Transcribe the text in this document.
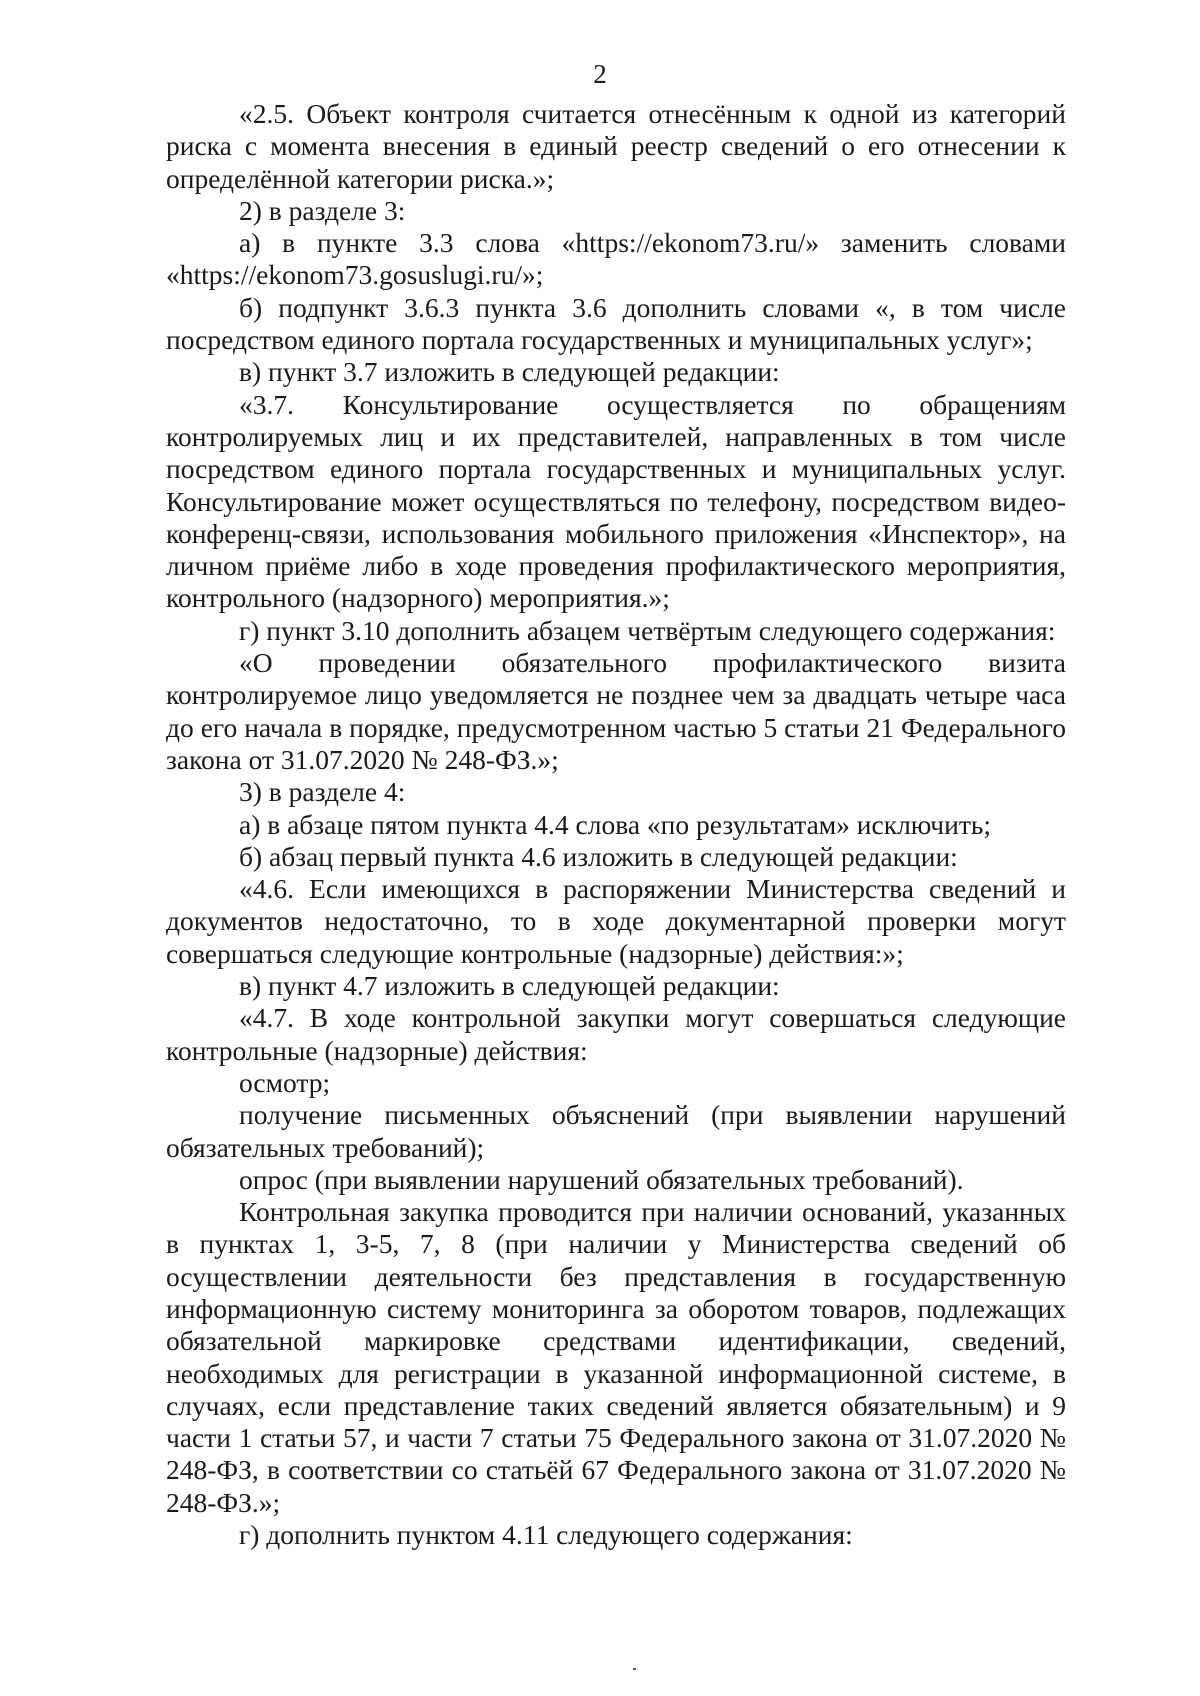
2

«2.5. Объект контроля считается отнесённым к одной из категорий риска с момента внесения в единый реестр сведений о его отнесении к определённой категории риска.»;

2) в разделе 3:

а) в пункте 3.3 слова «https://ekonom73.ru/» заменить словами «https://ekonom73.gosuslugi.ru/»;

б) подпункт 3.6.3 пункта 3.6 дополнить словами «, в том числе посредством единого портала государственных и муниципальных услуг»;

в) пункт 3.7 изложить в следующей редакции:

«3.7. Консультирование осуществляется по обращениям контролируемых лиц и их представителей, направленных в том числе посредством единого портала государственных и муниципальных услуг. Консультирование может осуществляться по телефону, посредством видео-конференц-связи, использования мобильного приложения «Инспектор», на личном приёме либо в ходе проведения профилактического мероприятия, контрольного (надзорного) мероприятия.»;

г) пункт 3.10 дополнить абзацем четвёртым следующего содержания:

«О проведении обязательного профилактического визита контролируемое лицо уведомляется не позднее чем за двадцать четыре часа до его начала в порядке, предусмотренном частью 5 статьи 21 Федерального закона от 31.07.2020 № 248-ФЗ.»;

3) в разделе 4:

а) в абзаце пятом пункта 4.4 слова «по результатам» исключить;

б) абзац первый пункта 4.6 изложить в следующей редакции:

«4.6. Если имеющихся в распоряжении Министерства сведений и документов недостаточно, то в ходе документарной проверки могут совершаться следующие контрольные (надзорные) действия:»;

в) пункт 4.7 изложить в следующей редакции:

«4.7. В ходе контрольной закупки могут совершаться следующие контрольные (надзорные) действия:

осмотр;

получение письменных объяснений (при выявлении нарушений обязательных требований);

опрос (при выявлении нарушений обязательных требований).

Контрольная закупка проводится при наличии оснований, указанных в пунктах 1, 3-5, 7, 8 (при наличии у Министерства сведений об осуществлении деятельности без представления в государственную информационную систему мониторинга за оборотом товаров, подлежащих обязательной маркировке средствами идентификации, сведений, необходимых для регистрации в указанной информационной системе, в случаях, если представление таких сведений является обязательным) и 9 части 1 статьи 57, и части 7 статьи 75 Федерального закона от 31.07.2020 № 248-ФЗ, в соответствии со статьёй 67 Федерального закона от 31.07.2020 № 248-ФЗ.»;

г) дополнить пунктом 4.11 следующего содержания:
